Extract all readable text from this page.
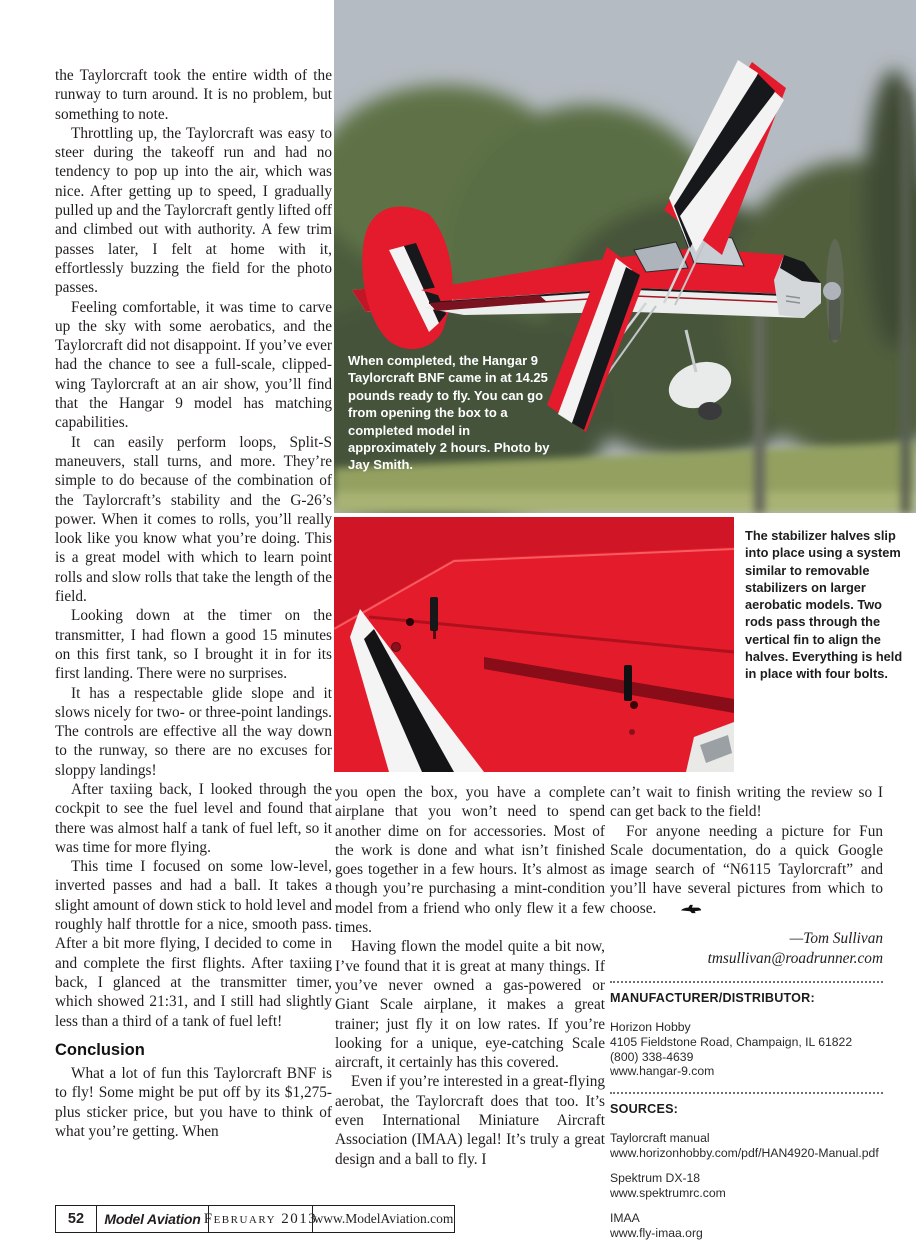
When completed, the Hangar 9 Taylorcraft BNF came in at 14.25 pounds ready to fly. You can go from opening the box to a completed model in approximately 2 hours. Photo by Jay Smith.
The stabilizer halves slip into place using a system similar to removable stabilizers on larger aerobatic models. Two rods pass through the vertical fin to align the halves. Everything is held in place with four bolts.

the Taylorcraft took the entire width of the runway to turn around. It is no problem, but something to note.

Throttling up, the Taylorcraft was easy to steer during the takeoff run and had no tendency to pop up into the air, which was nice. After getting up to speed, I gradually pulled up and the Taylorcraft gently lifted off and climbed out with authority. A few trim passes later, I felt at home with it, effortlessly buzzing the field for the photo passes.

Feeling comfortable, it was time to carve up the sky with some aerobatics, and the Taylorcraft did not disappoint. If you’ve ever had the chance to see a full-scale, clipped-wing Taylorcraft at an air show, you’ll find that the Hangar 9 model has matching capabilities.

It can easily perform loops, Split-S maneuvers, stall turns, and more. They’re simple to do because of the combination of the Taylorcraft’s stability and the G-26’s power. When it comes to rolls, you’ll really look like you know what you’re doing. This is a great model with which to learn point rolls and slow rolls that take the length of the field.

Looking down at the timer on the transmitter, I had flown a good 15 minutes on this first tank, so I brought it in for its first landing. There were no surprises.

It has a respectable glide slope and it slows nicely for two- or three-point landings. The controls are effective all the way down to the runway, so there are no excuses for sloppy landings!

After taxiing back, I looked through the cockpit to see the fuel level and found that there was almost half a tank of fuel left, so it was time for more flying.

This time I focused on some low-level, inverted passes and had a ball. It takes a slight amount of down stick to hold level and roughly half throttle for a nice, smooth pass. After a bit more flying, I decided to come in and complete the first flights. After taxiing back, I glanced at the transmitter timer, which showed 21:31, and I still had slightly less than a third of a tank of fuel left!

Conclusion

What a lot of fun this Taylorcraft BNF is to fly! Some might be put off by its $1,275-plus sticker price, but you have to think of what you’re getting. When

you open the box, you have a complete airplane that you won’t need to spend another dime on for accessories. Most of the work is done and what isn’t finished goes together in a few hours. It’s almost as though you’re purchasing a mint-condition model from a friend who only flew it a few times.

Having flown the model quite a bit now, I’ve found that it is great at many things. If you’ve never owned a gas-powered or Giant Scale airplane, it makes a great trainer; just fly it on low rates. If you’re looking for a unique, eye-catching Scale aircraft, it certainly has this covered.

Even if you’re interested in a great-flying aerobat, the Taylorcraft does that too. It’s even International Miniature Aircraft Association (IMAA) legal! It’s truly a great design and a ball to fly. I

can’t wait to finish writing the review so I can get back to the field!

For anyone needing a picture for Fun Scale documentation, do a quick Google image search of “N6115 Taylorcraft” and you’ll have several pictures from which to choose.

—Tom Sullivan
tmsullivan@roadrunner.com
MANUFACTURER/DISTRIBUTOR:
Horizon Hobby
4105 Fieldstone Road, Champaign, IL 61822
(800) 338-4639
www.hangar-9.com
SOURCES:
Taylorcraft manual
www.horizonhobby.com/pdf/HAN4920-Manual.pdf
Spektrum DX-18
www.spektrumrc.com
IMAA
www.fly-imaa.org
52	Model Aviation February 2013
www.ModelAviation.com
